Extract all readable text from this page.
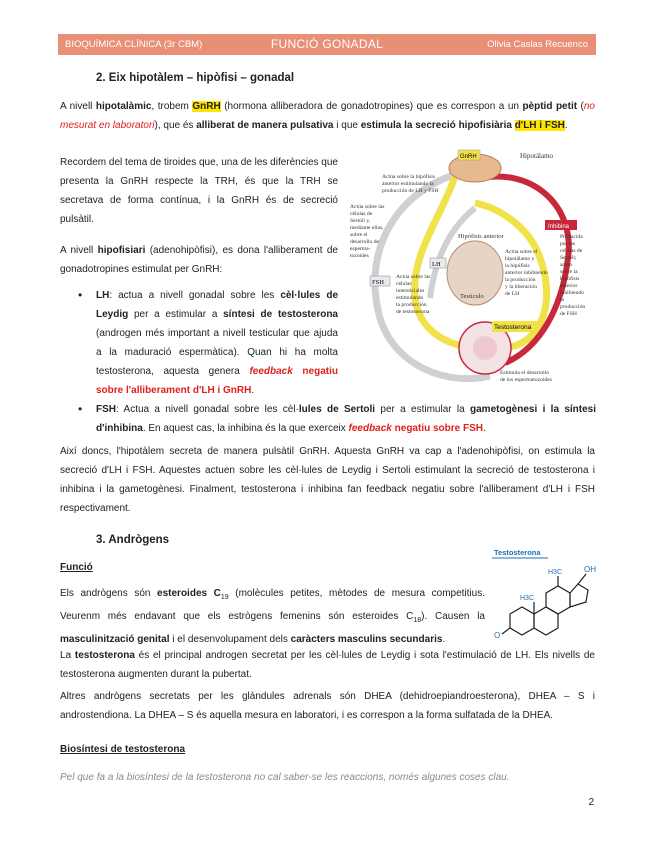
BIOQUÍMICA CLÍNICA (3r CBM)	FUNCIÓ GONADAL	Olivia Caslas Recuenco
2. Eix hipotàlem – hipòfisi – gonadal
A nivell hipotalàmic, trobem GnRH (hormona alliberadora de gonadotropines) que es correspon a un pèptid petit (no mesurat en laboratori), que és alliberat de manera pulsativa i que estimula la secreció hipofisiària d'LH i FSH.
Recordem del tema de tiroides que, una de les diferències que presenta la GnRH respecte la TRH, és que la TRH se secretava de forma contínua, i la GnRH és de secreció pulsàtil.
A nivell hipofisiari (adenohipòfisi), es dona l'alliberament de gonadotropines estimulat per GnRH:
• LH: actua a nivell gonadal sobre les cèl·lules de Leydig per a estimular a síntesi de testosterona (androgen més important a nivell testicular que ajuda a la maduració espermàtica). Quan hi ha molta testosterona, aquesta genera feedback negatiu sobre l'alliberament d'LH i GnRH.
• FSH: Actua a nivell gonadal sobre les cèl·lules de Sertoli per a estimular la gametogènesi i la síntesi d'inhibina. En aquest cas, la inhibina és la que exerceix feedback negatiu sobre FSH.
Així doncs, l'hipotàlem secreta de manera pulsàtil GnRH. Aquesta GnRH va cap a l'adenohipòfisi, on estimula la secreció d'LH i FSH. Aquestes actuen sobre les cèl·lules de Leydig i Sertoli estimulant la secreció de testosterona i inhibina i la gametogènesi. Finalment, testosterona i inhibina fan feedback negatiu sobre l'alliberament d'LH i FSH respectivament.
GnRH	Hipotálamo
Inhibina
Hipófisis anterior
LH
FSH
Testículo
Testosterona
Actúa sobre la hipófisis anterior estimulando la producción de LH y FSH
Actúa sobre las células de Sertoli y, mediante ellas, sobre el desarrollo de esperma- tozoides
Actúa sobre las células intersticiales estimulando la producción de testosterona
Actúa sobre el hipotálamo y la hipófisis anterior inhibiendo la producción y la liberación de LH
Producida por las células de Sertoli; actúa sobre la hipófisis anterior inhibiendo la producción de FSH
Estimula el desarrollo de los espermatozoides
3. Andrògens
Funció
Testosterona
OH
H3C
H3C
O
Els andrògens són esteroides $C_{19}$ (molècules petites, mètodes de mesura competitius. Veurenm més endavant que els estrògens femenins són esteroides $C_{18}$). Causen la masculinització genital i el desenvolupament dels caràcters masculins secundaris.
La testosterona és el principal androgen secretat per les cèl·lules de Leydig i sota l'estimulació de LH. Els nivells de testosterona augmenten durant la pubertat.
Altres andrògens secretats per les glàndules adrenals són DHEA (dehidroepiandroesterona), DHEA – S i androstendiona. La DHEA – S és aquella mesura en laboratori, i es correspon a la forma sulfatada de la DHEA.
Biosíntesi de testosterona
Pel que fa a la biosíntesi de la testosterona no cal saber-se les reaccions, només algunes coses clau.
2
